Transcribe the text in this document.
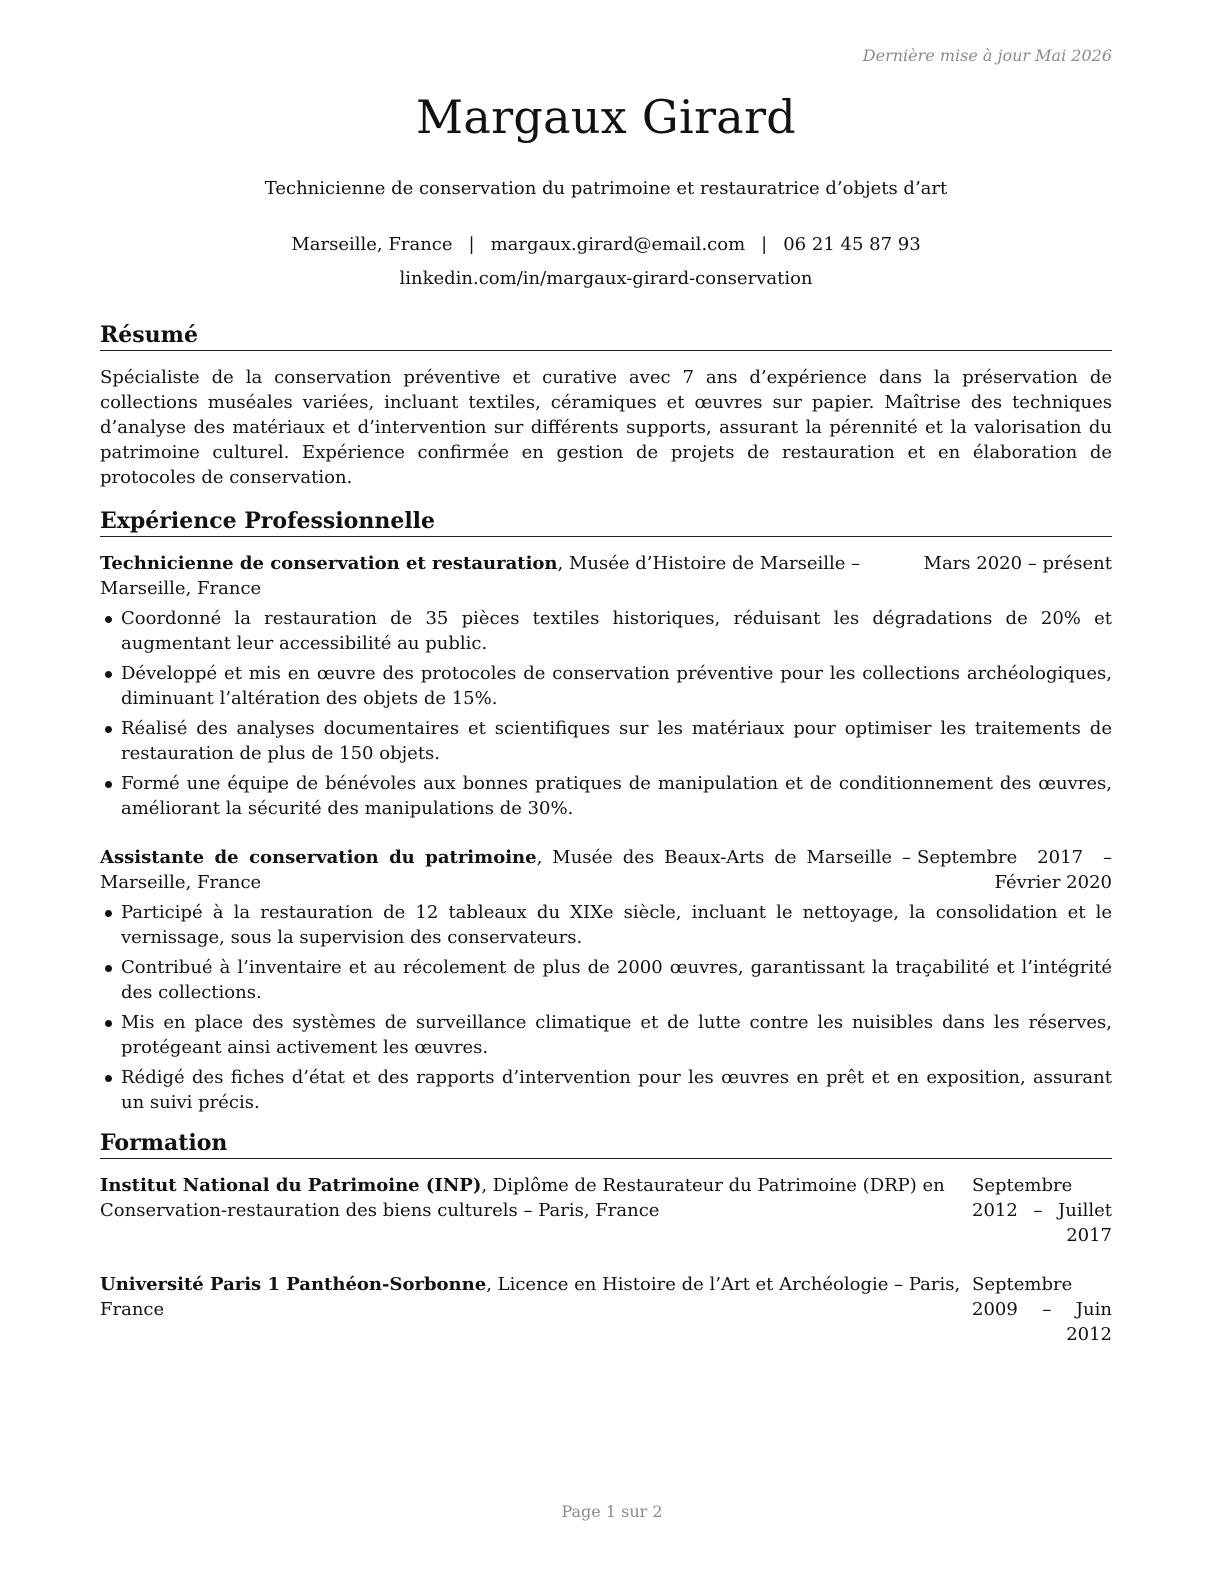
Dernière mise à jour Mai 2026
Margaux Girard
Technicienne de conservation du patrimoine et restauratrice d’objets d’art
Marseille, France | margaux.girard@email.com | 06 21 45 87 93
linkedin.com/in/margaux-girard-conservation
Résumé
Spécialiste de la conservation préventive et curative avec 7 ans d’expérience dans la préservation de collections muséales variées, incluant textiles, céramiques et œuvres sur papier. Maîtrise des techniques d’analyse des matériaux et d’intervention sur différents supports, assurant la pérennité et la valorisation du patrimoine culturel. Expérience confirmée en gestion de projets de restauration et en élaboration de protocoles de conservation.
Expérience Professionnelle
Technicienne de conservation et restauration, Musée d’Histoire de Marseille – Marseille, France
Mars 2020 – présent
Coordonné la restauration de 35 pièces textiles historiques, réduisant les dégradations de 20% et augmentant leur accessibilité au public.
Développé et mis en œuvre des protocoles de conservation préventive pour les collections archéologiques, diminuant l’altération des objets de 15%.
Réalisé des analyses documentaires et scientifiques sur les matériaux pour optimiser les traitements de restauration de plus de 150 objets.
Formé une équipe de bénévoles aux bonnes pratiques de manipulation et de conditionnement des œuvres, améliorant la sécurité des manipulations de 30%.
Assistante de conservation du patrimoine, Musée des Beaux-Arts de Marseille – Marseille, France
Septembre 2017 – Février 2020
Participé à la restauration de 12 tableaux du XIXe siècle, incluant le nettoyage, la consolidation et le vernissage, sous la supervision des conservateurs.
Contribué à l’inventaire et au récolement de plus de 2000 œuvres, garantissant la traçabilité et l’intégrité des collections.
Mis en place des systèmes de surveillance climatique et de lutte contre les nuisibles dans les réserves, protégeant ainsi activement les œuvres.
Rédigé des fiches d’état et des rapports d’intervention pour les œuvres en prêt et en exposition, assurant un suivi précis.
Formation
Institut National du Patrimoine (INP), Diplôme de Restaurateur du Patrimoine (DRP) en Conservation-restauration des biens culturels – Paris, France
Septembre 2012 – Juillet 2017
Université Paris 1 Panthéon-Sorbonne, Licence en Histoire de l’Art et Archéologie – Paris, France
Septembre 2009 – Juin 2012
Page 1 sur 2
